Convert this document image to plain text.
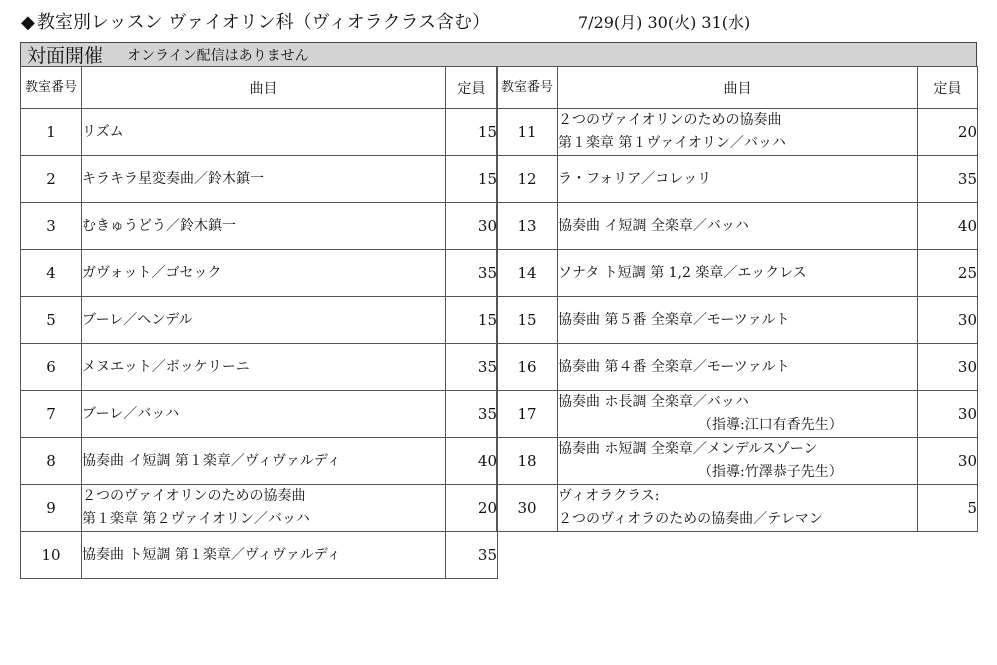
◆ 教室別レッスン ヴァイオリン科（ヴィオラクラス含む）	7/29(月) 30(火) 31(水)
対面開催 オンライン配信はありません
教室番号	曲目	定員
1	リズム	15
2	キラキラ星変奏曲／鈴木鎮一	15
3	むきゅうどう／鈴木鎮一	30
4	ガヴォット／ゴセック	35
5	ブーレ／ヘンデル	15
6	メヌエット／ボッケリーニ	35
7	ブーレ／バッハ	35
8	協奏曲 イ短調 第１楽章／ヴィヴァルディ	40
9	２つのヴァイオリンのための協奏曲
第１楽章 第２ヴァイオリン／バッハ	20
10	協奏曲 ト短調 第１楽章／ヴィヴァルディ	35
教室番号	曲目	定員
11	２つのヴァイオリンのための協奏曲
第１楽章 第１ヴァイオリン／バッハ	20
12	ラ・フォリア／コレッリ	35
13	協奏曲 イ短調 全楽章／バッハ	40
14	ソナタ ト短調 第 1,2 楽章／エックレス	25
15	協奏曲 第５番 全楽章／モーツァルト	30
16	協奏曲 第４番 全楽章／モーツァルト	30
17	協奏曲 ホ長調 全楽章／バッハ
（指導:江口有香先生）	30
18	協奏曲 ホ短調 全楽章／メンデルスゾーン
（指導:竹澤恭子先生）	30
30	ヴィオラクラス:
２つのヴィオラのための協奏曲／テレマン	5
